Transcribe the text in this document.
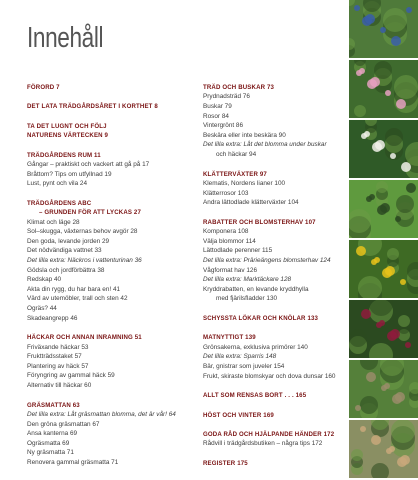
Innehåll

FÖRORD 7

DET LATA TRÄDGÅRDSÅRET I KORTHET 8

TA DET LUGNT OCH FÖLJ

NATURENS VÄRTECKEN 9

TRÄDGÅRDENS RUM 11

Gångar – praktiskt och vackert att gå på 17

Bråttom? Tips om utfyllnad 19

Lust, pynt och vila 24

TRÄDGÅRDENS ABC

– GRUNDEN FÖR ATT LYCKAS 27

Klimat och läge 28

Sol–skugga, växternas behov avgör 28

Den goda, levande jorden 29

Det nödvändiga vattnet 33

Det lilla extra: Näckros i vattenturinan 36

Gödsla och jordförbättra 38

Redskap 40

Akta din rygg, du har bara en! 41

Värd av utemöbler, trall och sten 42

Ogräs? 44

Skadeangrepp 46

HÄCKAR OCH ANNAN INRAMNING 51

Friväxande häckar 53

Fruktträdsstaket 57

Plantering av häck 57

Föryngring av gammal häck 59

Alternativ till häckar 60

GRÄSMATTAN 63

Det lilla extra: Låt gräsmattan blomma, det är vår! 64

Den gröna gräsmattan 67

Ansa kanterna 69

Ogräsmatta 69

Ny gräsmatta 71

Renovera gammal gräsmatta 71

TRÄD OCH BUSKAR 73

Prydnadsträd 76

Buskar 79

Rosor 84

Vintergrönt 86

Beskära eller inte beskära 90

Det lilla extra: Låt det blomma under buskar

och häckar 94

KLÄTTERVÄXTER 97

Klematis, Nordens lianer 100

Klätterrosor 103

Andra lättodlade klätterväxter 104

RABATTER OCH BLOMSTERHAV 107

Komponera 108

Välja blommor 114

Lättodlade perenner 115

Det lilla extra: Prärieängens blomsterhav 124

Vågformat hav 126

Det lilla extra: Marktäckare 128

Kryddrabatten, en levande kryddhylla

med fjärilsfladder 130

SCHYSSTA LÖKAR OCH KNÖLAR 133

MATNYTTIGT 139

Grönsakerna, exklusiva primörer 140

Det lilla extra: Sparris 148

Bär, gnistrar som juveler 154

Frukt, skiraste blomskyar och dova dunsar 160

ALLT SOM RENSAS BORT . . . 165

HÖST OCH VINTER 169

GODA RÅD OCH HJÄLPANDE HÄNDER 172

Rådvill i trädgårdsbutiken – några tips 172

REGISTER 175
